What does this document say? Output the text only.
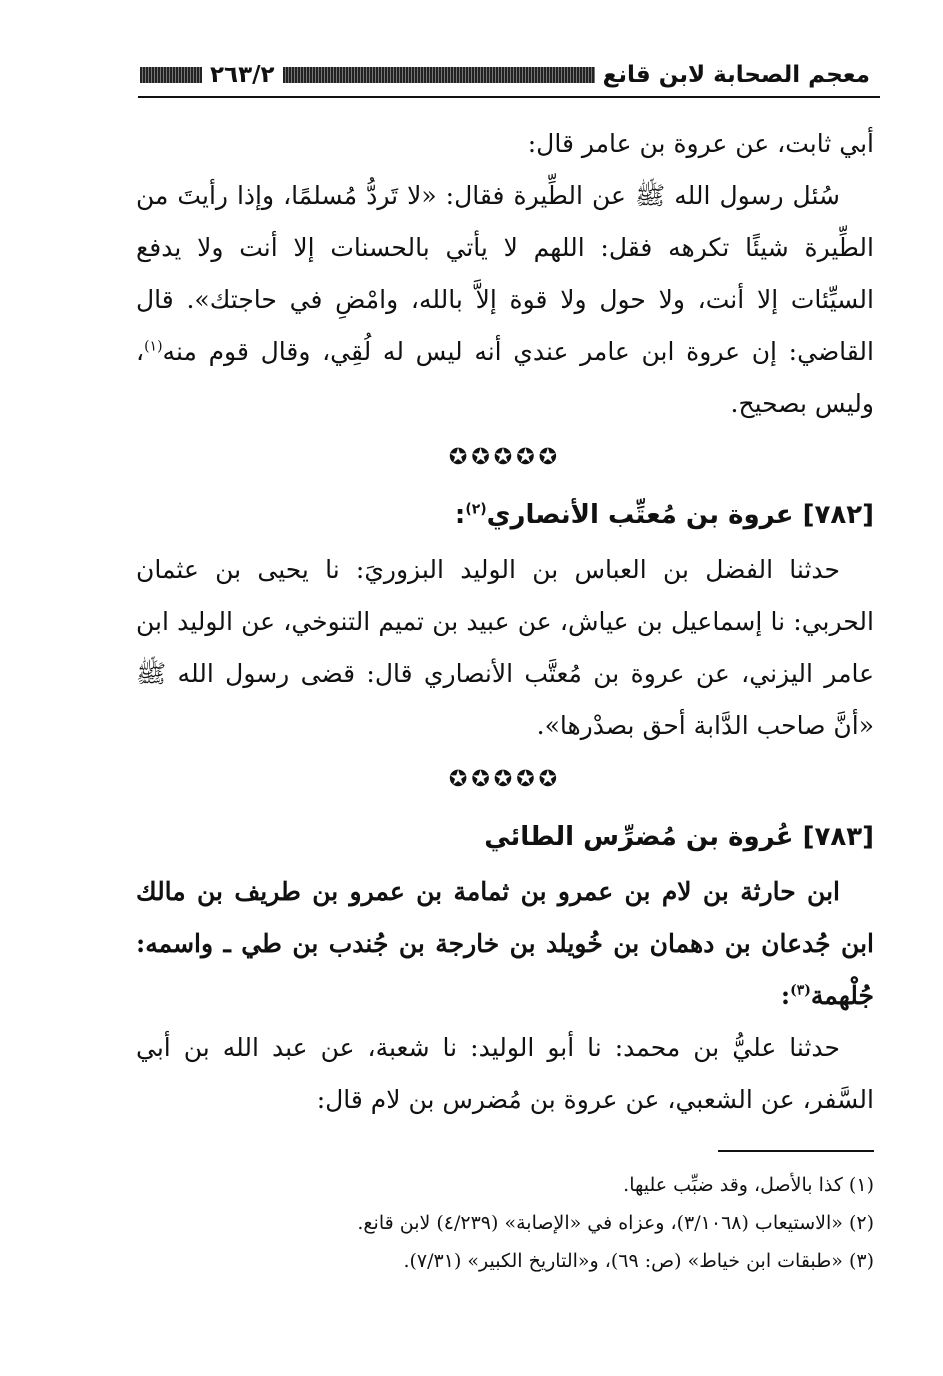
معجم الصحابة لابن قانع
٢٦٣/٢

أبي ثابت، عن عروة بن عامر قال:

سُئل رسول الله ﷺ عن الطِّيرة فقال: «لا تَردُّ مُسلمًا، وإذا رأيتَ من الطِّيرة شيئًا تكرهه فقل: اللهم لا يأتي بالحسنات إلا أنت ولا يدفع السيِّئات إلا أنت، ولا حول ولا قوة إلاَّ بالله، وامْضِ في حاجتك». قال القاضي: إن عروة ابن عامر عندي أنه ليس له لُقِي، وقال قوم منه$^{(١)}$، وليس بصحيح.

✪✪✪✪✪

[٧٨٢] عروة بن مُعتِّب الأنصاري$^{(٢)}$:

حدثنا الفضل بن العباس بن الوليد البزوريَ: نا يحيى بن عثمان الحربي: نا إسماعيل بن عياش، عن عبيد بن تميم التنوخي، عن الوليد ابن عامر اليزني، عن عروة بن مُعتَّب الأنصاري قال: قضى رسول الله ﷺ «أنَّ صاحب الدَّابة أحق بصدْرها».

✪✪✪✪✪

[٧٨٣] عُروة بن مُضرِّس الطائي

ابن حارثة بن لام بن عمرو بن ثمامة بن عمرو بن طريف بن مالك ابن جُدعان بن دهمان بن خُويلد بن خارجة بن جُندب بن طي ـ واسمه: جُلْهمة$^{(٣)}$:

حدثنا عليُّ بن محمد: نا أبو الوليد: نا شعبة، عن عبد الله بن أبي السَّفر، عن الشعبي، عن عروة بن مُضرس بن لام قال:

(١) كذا بالأصل، وقد ضبِّب عليها.

(٢) «الاستيعاب (٣/١٠٦٨)، وعزاه في «الإصابة» (٤/٢٣٩) لابن قانع.

(٣) «طبقات ابن خياط» (ص: ٦٩)، و«التاريخ الكبير» (٧/٣١).
